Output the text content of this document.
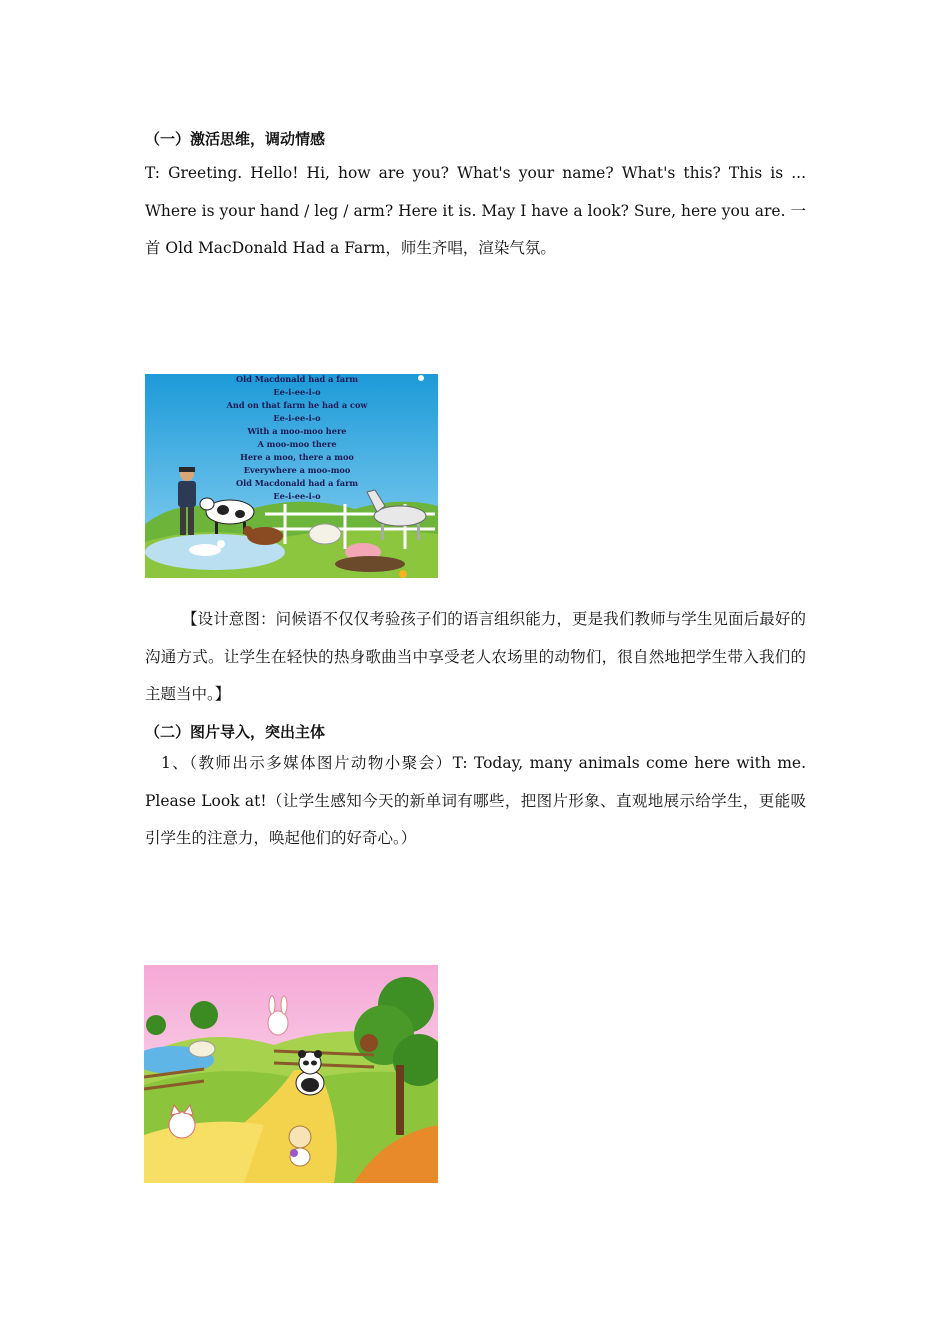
（一）激活思维，调动情感
T: Greeting. Hello! Hi, how are you? What's your name? What's this? This is ... Where is your hand / leg / arm? Here it is. May I have a look? Sure, here you are. 一首 Old MacDonald Had a Farm，师生齐唱，渲染气氛。
Old Macdonald had a farm
Ee-i-ee-i-o
And on that farm he had a cow
Ee-i-ee-i-o
With a moo-moo here
A moo-moo there
Here a moo, there a moo
Everywhere a moo-moo
Old Macdonald had a farm
Ee-i-ee-i-o
【设计意图：问候语不仅仅考验孩子们的语言组织能力，更是我们教师与学生见面后最好的沟通方式。让学生在轻快的热身歌曲当中享受老人农场里的动物们，很自然地把学生带入我们的主题当中。】
（二）图片导入，突出主体
1、（教师出示多媒体图片动物小聚会）T: Today, many animals come here with me. Please Look at!（让学生感知今天的新单词有哪些，把图片形象、直观地展示给学生，更能吸引学生的注意力，唤起他们的好奇心。）
